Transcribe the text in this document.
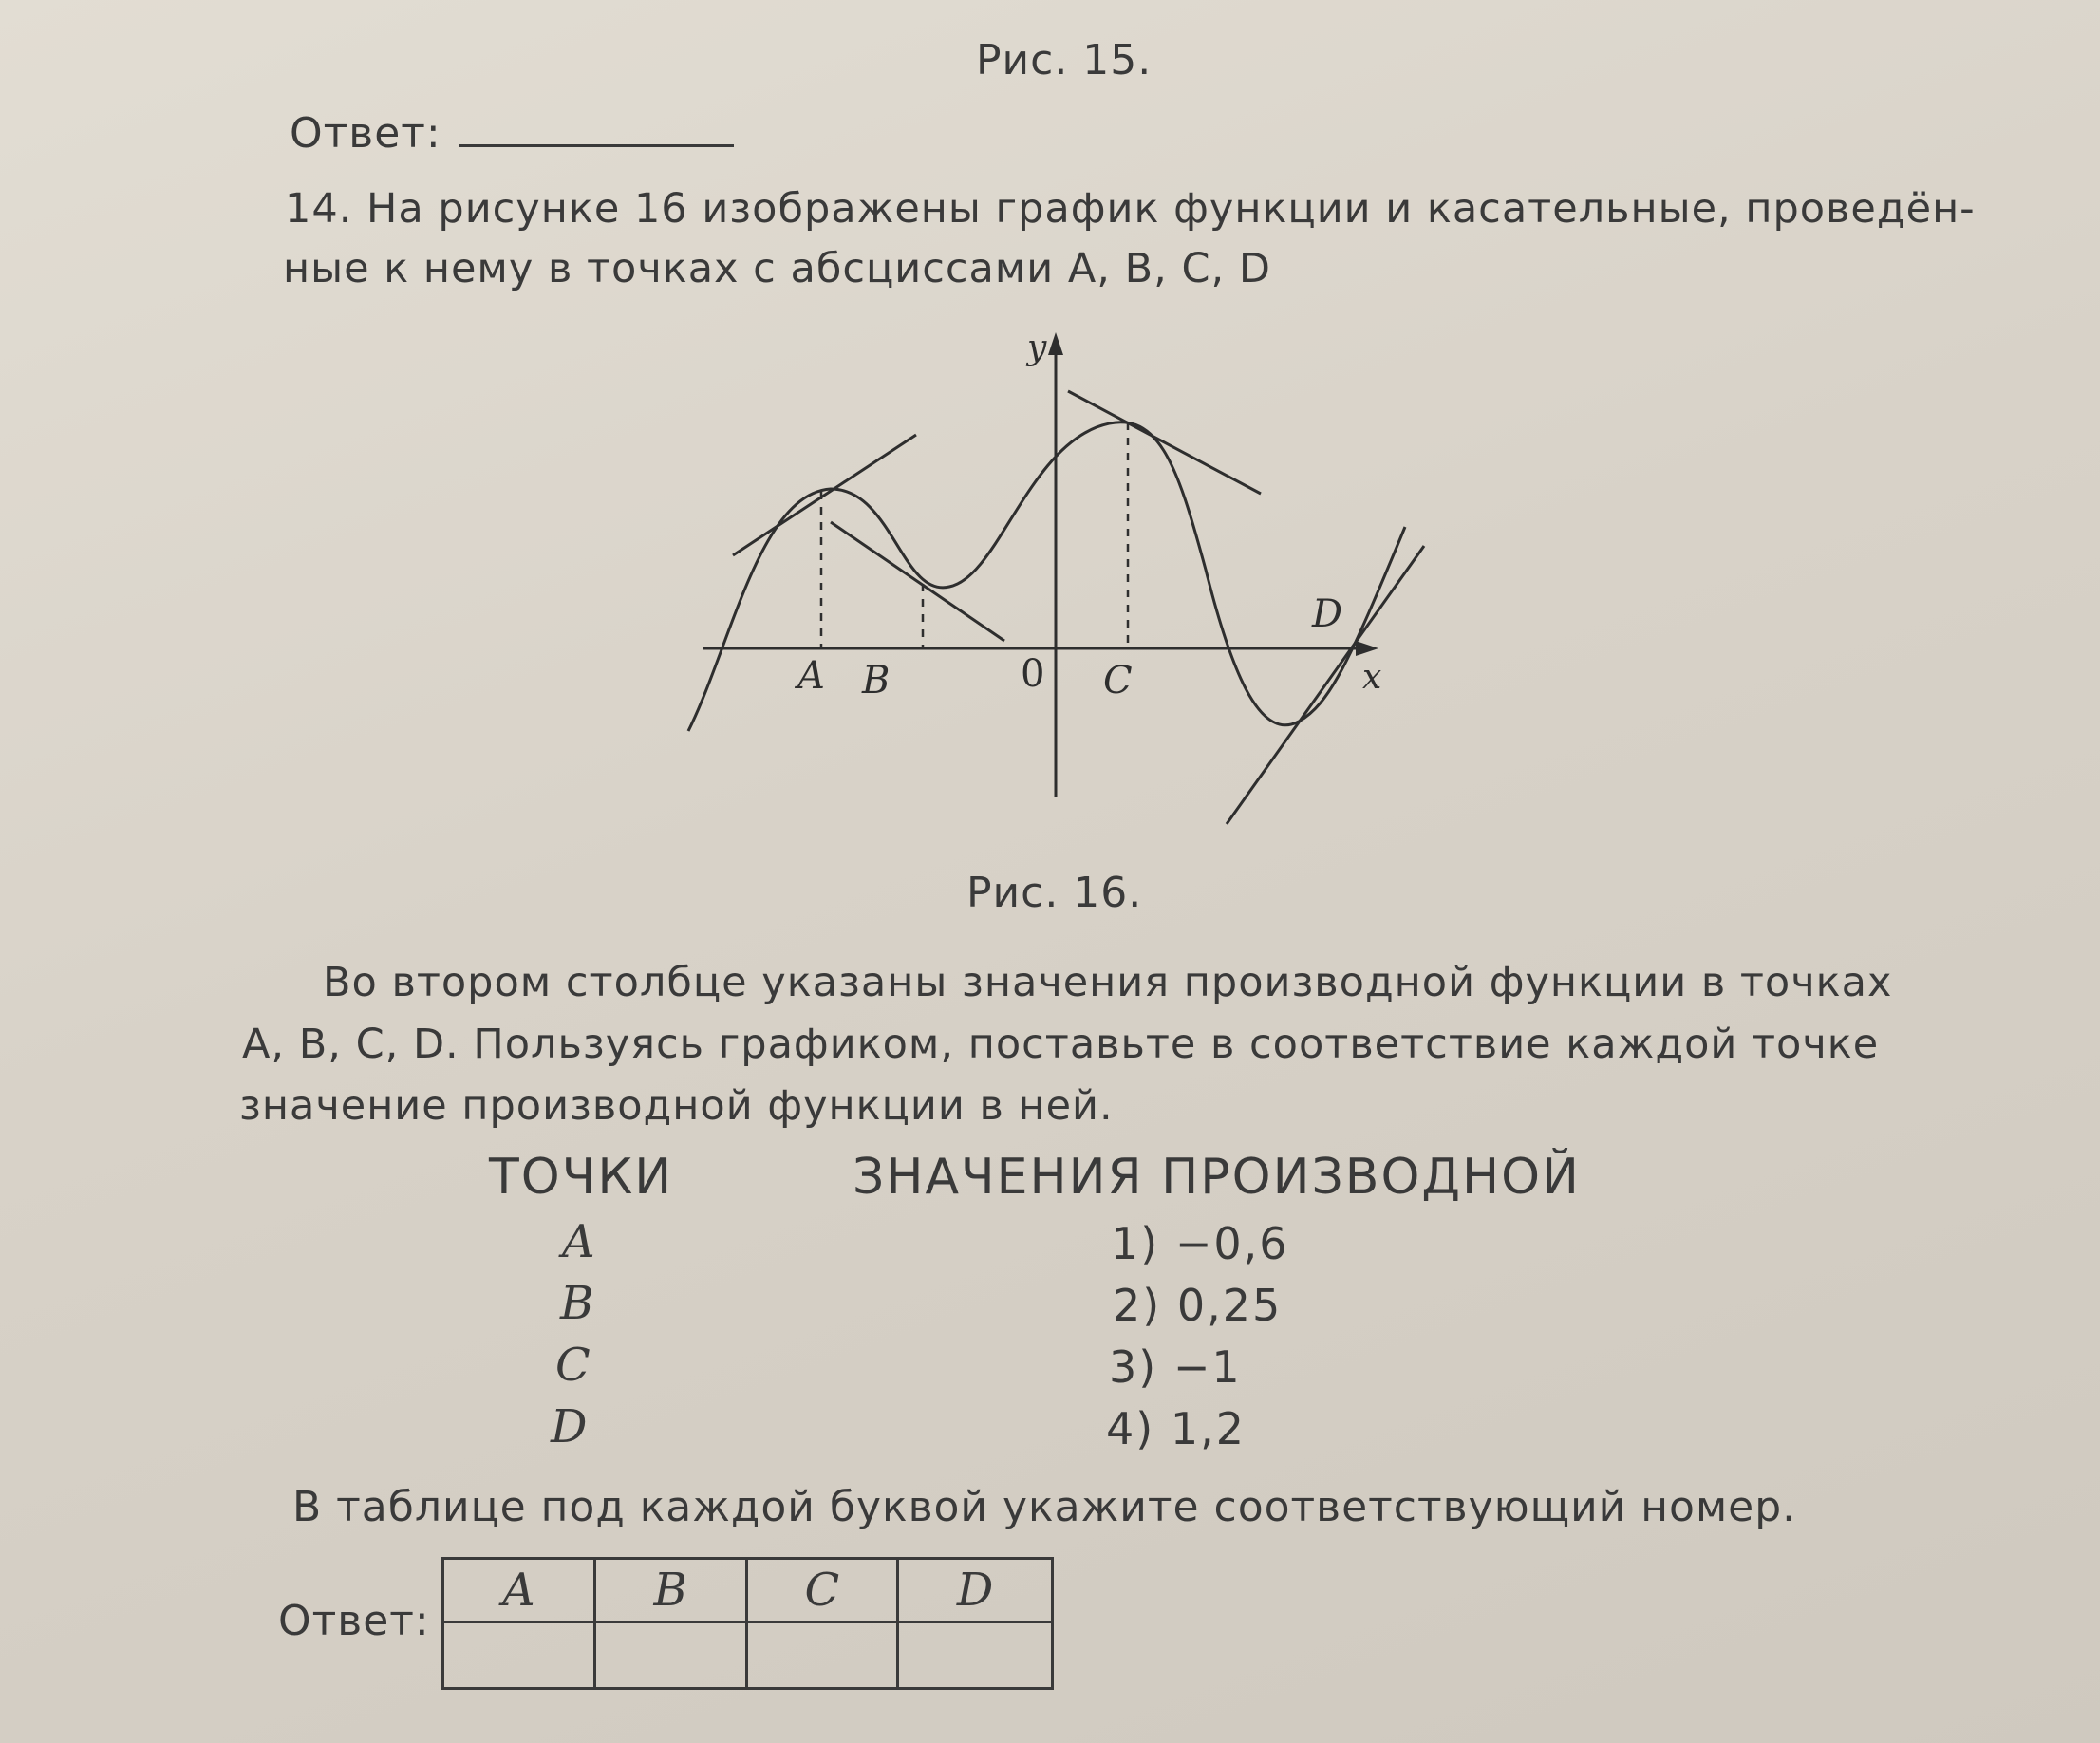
Рис. 15.
Ответ:
14. На рисунке 16 изображены график функции и касательные, проведён-
ные к нему в точках с абсциссами A, B, C, D
y
x
0
A B	C
D
Рис. 16.
Во втором столбце указаны значения производной функции в точках
A, B, C, D. Пользуясь графиком, поставьте в соответствие каждой точке
значение производной функции в ней.
ТОЧКИ	ЗНАЧЕНИЯ ПРОИЗВОДНОЙ
A	1) −0,6
B	2) 0,25
C	3) −1
D	4) 1,2
В таблице под каждой буквой укажите соответствующий номер.
Ответ:
A	B	C	D
